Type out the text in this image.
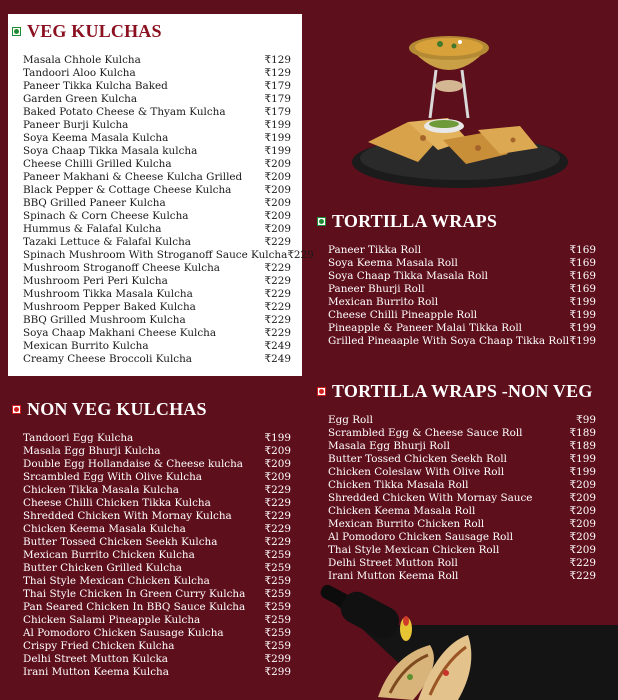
VEG KULCHAS
Masala Chhole Kulcha	₹129
Tandoori Aloo Kulcha	₹129
Paneer Tikka Kulcha Baked	₹179
Garden Green Kulcha	₹179
Baked Potato Cheese & Thyam Kulcha	₹179
Paneer Burji Kulcha	₹199
Soya Keema Masala Kulcha	₹199
Soya Chaap Tikka Masala kulcha	₹199
Cheese Chilli Grilled Kulcha	₹209
Paneer Makhani & Cheese Kulcha Grilled ₹209
Black Pepper & Cottage Cheese Kulcha	₹209
BBQ Grilled Paneer Kulcha	₹209
Spinach & Corn Cheese Kulcha	₹209
Hummus & Falafal Kulcha	₹209
Tazaki Lettuce & Falafal Kulcha	₹229
Spinach Mushroom With Stroganoff Sauce Kulcha ₹229
Mushroom Stroganoff Cheese Kulcha	₹229
Mushroom Peri Peri Kulcha	₹229
Mushroom Tikka Masala Kulcha	₹229
Mushroom Pepper Baked Kulcha	₹229
BBQ Grilled Mushroom Kulcha	₹229
Soya Chaap Makhani Cheese Kulcha	₹229
Mexican Burrito Kulcha	₹249
Creamy Cheese Broccoli Kulcha	₹249
NON VEG KULCHAS
Tandoori Egg Kulcha	₹199
Masala Egg Bhurji Kulcha	₹209
Double Egg Hollandaise & Cheese kulcha ₹209
Srcambled Egg With Olive Kulcha	₹209
Chicken Tikka Masala Kulcha	₹229
Cheese Chilli Chicken Tikka Kulcha	₹229
Shredded Chicken With Mornay Kulcha	₹229
Chicken Keema Masala Kulcha	₹229
Butter Tossed Chicken Seekh Kulcha	₹229
Mexican Burrito Chicken Kulcha	₹259
Butter Chicken Grilled Kulcha	₹259
Thai Style Mexican Chicken Kulcha	₹259
Thai Style Chicken In Green Curry Kulcha ₹259
Pan Seared Chicken In BBQ Sauce Kulcha ₹259
Chicken Salami Pineapple Kulcha	₹259
Al Pomodoro Chicken Sausage Kulcha	₹259
Crispy Fried Chicken Kulcha	₹259
Delhi Street Mutton Kulcka	₹299
Irani Mutton Keema Kulcha	₹299
TORTILLA WRAPS
Paneer Tikka Roll	₹169
Soya Keema Masala Roll	₹169
Soya Chaap Tikka Masala Roll	₹169
Paneer Bhurji Roll	₹169
Mexican Burrito Roll	₹199
Cheese Chilli Pineapple Roll	₹199
Pineapple & Paneer Malai Tikka Roll	₹199
Grilled Pineaaple With Soya Chaap Tikka Roll ₹199
TORTILLA WRAPS -NON VEG
Egg Roll	₹99
Scrambled Egg & Cheese Sauce Roll	₹189
Masala Egg Bhurji Roll	₹189
Butter Tossed Chicken Seekh Roll	₹199
Chicken Coleslaw With Olive Roll	₹199
Chicken Tikka Masala Roll	₹209
Shredded Chicken With Mornay Sauce	₹209
Chicken Keema Masala Roll	₹209
Mexican Burrito Chicken Roll	₹209
Al Pomodoro Chicken Sausage Roll	₹209
Thai Style Mexican Chicken Roll	₹209
Delhi Street Mutton Roll	₹229
Irani Mutton Keema Roll	₹229
